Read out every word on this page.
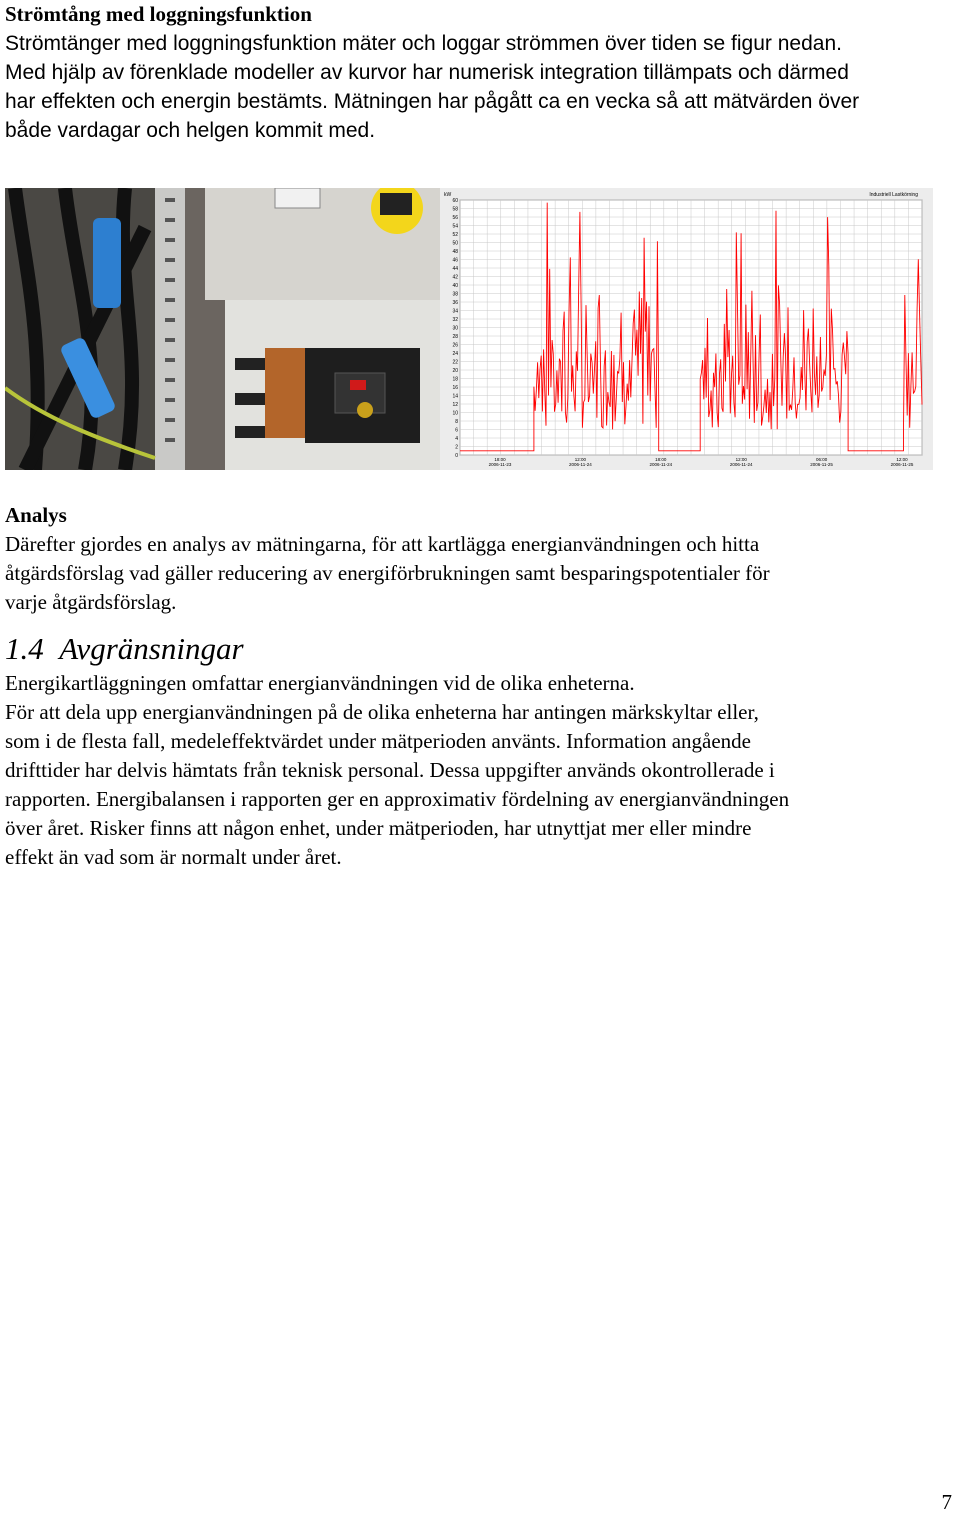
Strömtång med loggningsfunktion
Strömtänger med loggningsfunktion mäter och loggar strömmen över tiden se figur nedan.
Med hjälp av förenklade modeller av kurvor har numerisk integration tillämpats och därmed
har effekten och energin bestämts. Mätningen har pågått ca en vecka så att mätvärden över
både vardagar och helgen kommit med.
60
58
56
54
52
50
48
46
44
42
40
38
36
34
32
30
28
26
24
22
20
18
16
14
12
10
8
6
4
2
0
18:00
2006-11-23
12:00
2006-11-24
18:00
2006-11-24
12:00
2006-11-24
06:00
2006-11-25
12:00
2006-11-25
Industriell Lastkörning
kW
Analys
Därefter gjordes en analys av mätningarna, för att kartlägga energianvändningen och hitta
åtgärdsförslag vad gäller reducering av energiförbrukningen samt besparingspotentialer för
varje åtgärdsförslag.
1.4 Avgränsningar
Energikartläggningen omfattar energianvändningen vid de olika enheterna.
För att dela upp energianvändningen på de olika enheterna har antingen märkskyltar eller,
som i de flesta fall, medeleffektvärdet under mätperioden använts. Information angående
drifttider har delvis hämtats från teknisk personal. Dessa uppgifter används okontrollerade i
rapporten. Energibalansen i rapporten ger en approximativ fördelning av energianvändningen
över året. Risker finns att någon enhet, under mätperioden, har utnyttjat mer eller mindre
effekt än vad som är normalt under året.
7
